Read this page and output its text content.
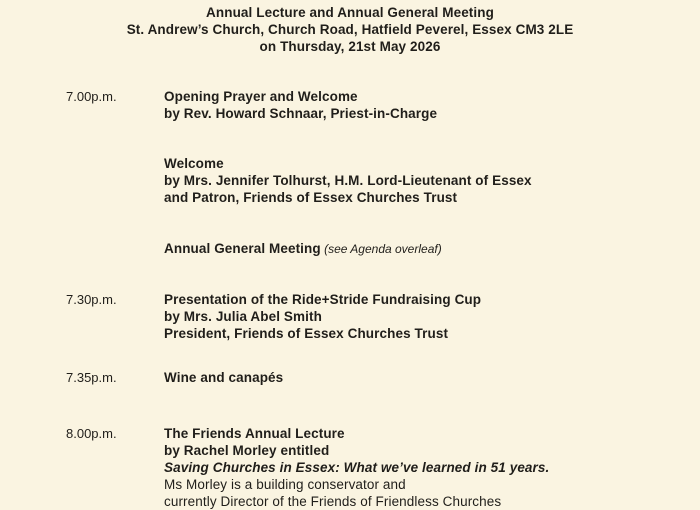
Annual Lecture and Annual General Meeting
St. Andrew’s Church, Church Road, Hatfield Peverel, Essex CM3 2LE
on Thursday, 21st May 2026
7.00p.m.	Opening Prayer and Welcome
by Rev. Howard Schnaar, Priest-in-Charge
Welcome
by Mrs. Jennifer Tolhurst, H.M. Lord-Lieutenant of Essex
and Patron, Friends of Essex Churches Trust
Annual General Meeting (see Agenda overleaf)
7.30p.m.	Presentation of the Ride+Stride Fundraising Cup
by Mrs. Julia Abel Smith
President, Friends of Essex Churches Trust
7.35p.m.	Wine and canapés
8.00p.m.	The Friends Annual Lecture
by Rachel Morley entitled
Saving Churches in Essex: What we’ve learned in 51 years.
Ms Morley is a building conservator and
currently Director of the Friends of Friendless Churches
